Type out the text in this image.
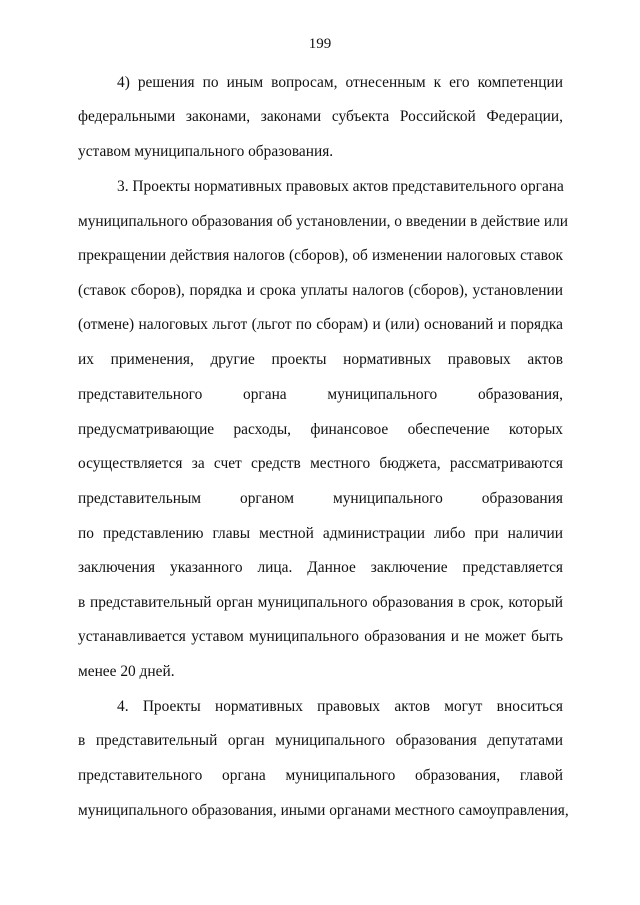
199
4) решения по иным вопросам, отнесенным к его компетенции
федеральными законами, законами субъекта Российской Федерации,
уставом муниципального образования.
3. Проекты нормативных правовых актов представительного органа
муниципального образования об установлении, о введении в действие или
прекращении действия налогов (сборов), об изменении налоговых ставок
(ставок сборов), порядка и срока уплаты налогов (сборов), установлении
(отмене) налоговых льгот (льгот по сборам) и (или) оснований и порядка
их применения, другие проекты нормативных правовых актов
представительного органа муниципального образования,
предусматривающие расходы, финансовое обеспечение которых
осуществляется за счет средств местного бюджета, рассматриваются
представительным органом муниципального образования
по представлению главы местной администрации либо при наличии
заключения указанного лица. Данное заключение представляется
в представительный орган муниципального образования в срок, который
устанавливается уставом муниципального образования и не может быть
менее 20 дней.
4. Проекты нормативных правовых актов могут вноситься
в представительный орган муниципального образования депутатами
представительного органа муниципального образования, главой
муниципального образования, иными органами местного самоуправления,
